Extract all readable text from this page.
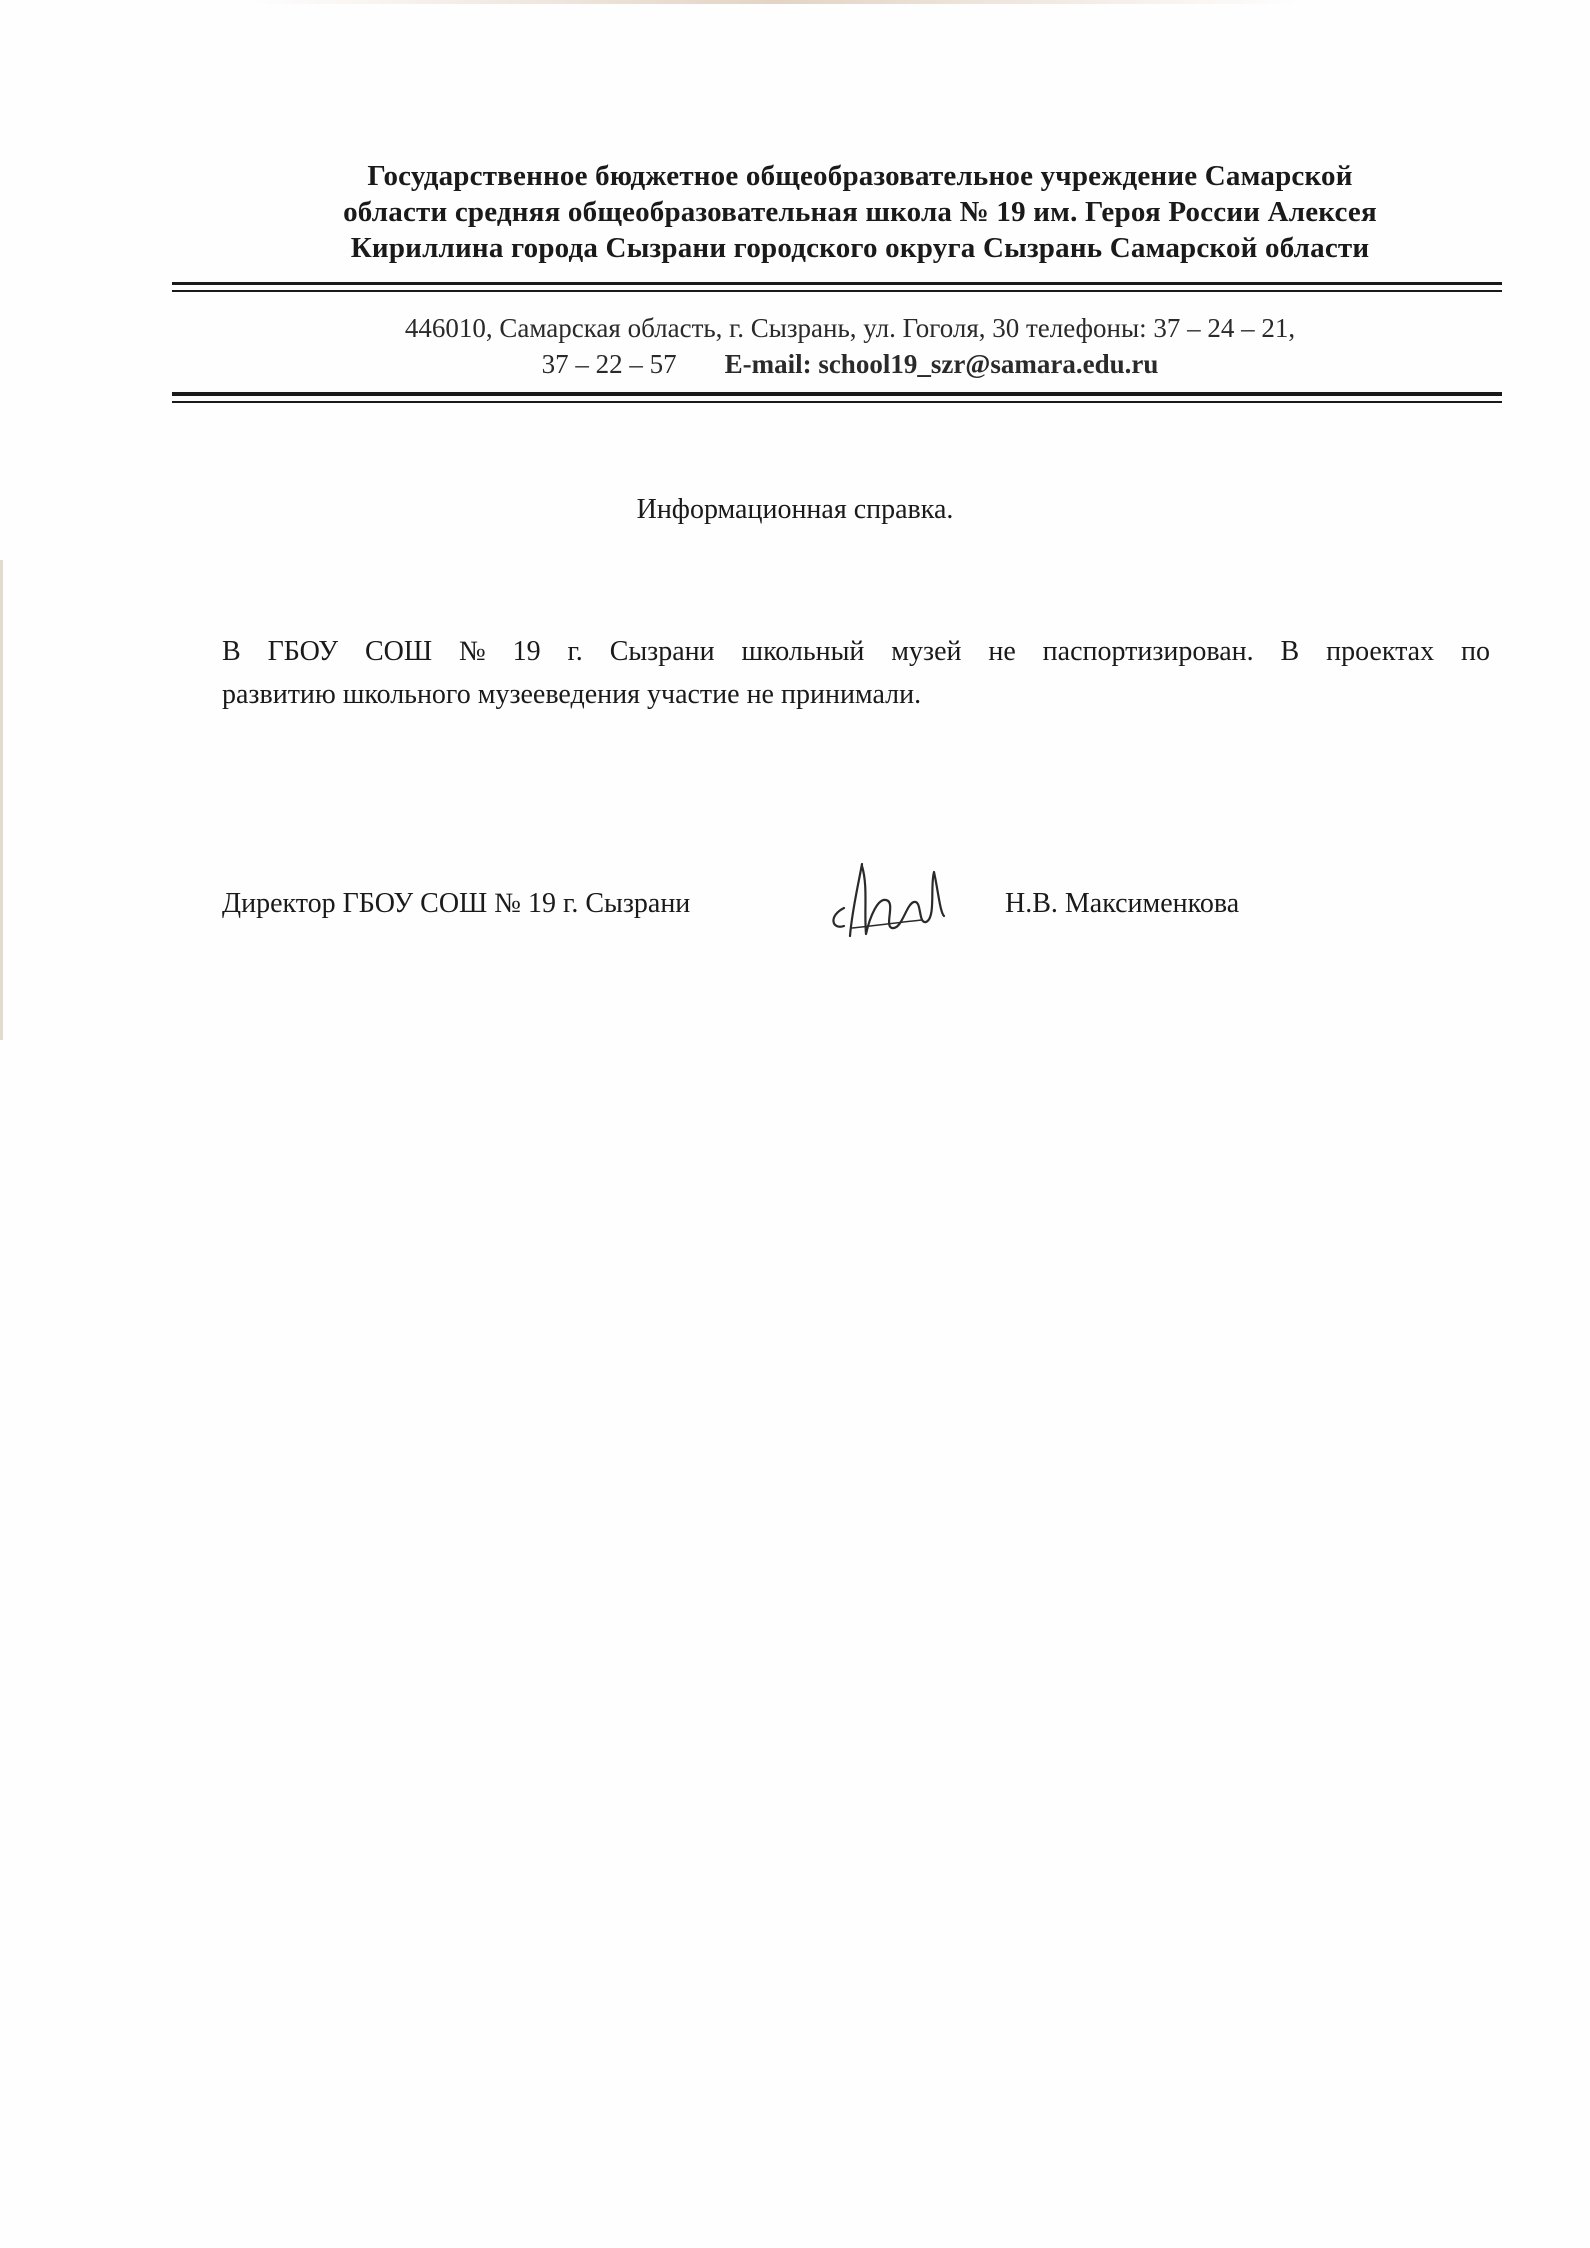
Государственное бюджетное общеобразовательное учреждение Самарской
области средняя общеобразовательная школа № 19 им. Героя России Алексея
Кириллина города Сызрани городского округа Сызрань Самарской области
446010, Самарская область, г. Сызрань, ул. Гоголя, 30 телефоны: 37 – 24 – 21,
37 – 22 – 57 E-mail: school19_szr@samara.edu.ru
Информационная справка.
В ГБОУ СОШ № 19 г. Сызрани школьный музей не паспортизирован. В проектах по
развитию школьного музееведения участие не принимали.
Директор ГБОУ СОШ № 19 г. Сызрани	Н.В. Максименкова
